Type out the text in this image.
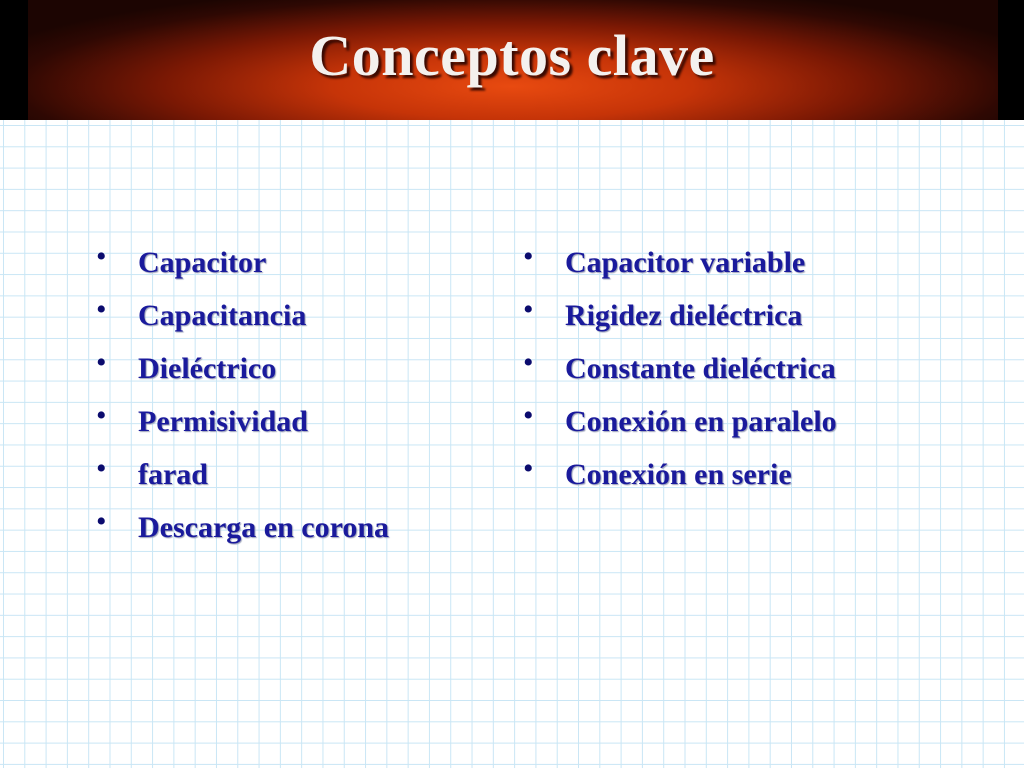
Conceptos clave
•	Capacitor
•	Capacitancia
•	Dieléctrico
•	Permisividad
•	farad
•	Descarga en corona
•	Capacitor variable
•	Rigidez dieléctrica
•	Constante dieléctrica
•	Conexión en paralelo
•	Conexión en serie
